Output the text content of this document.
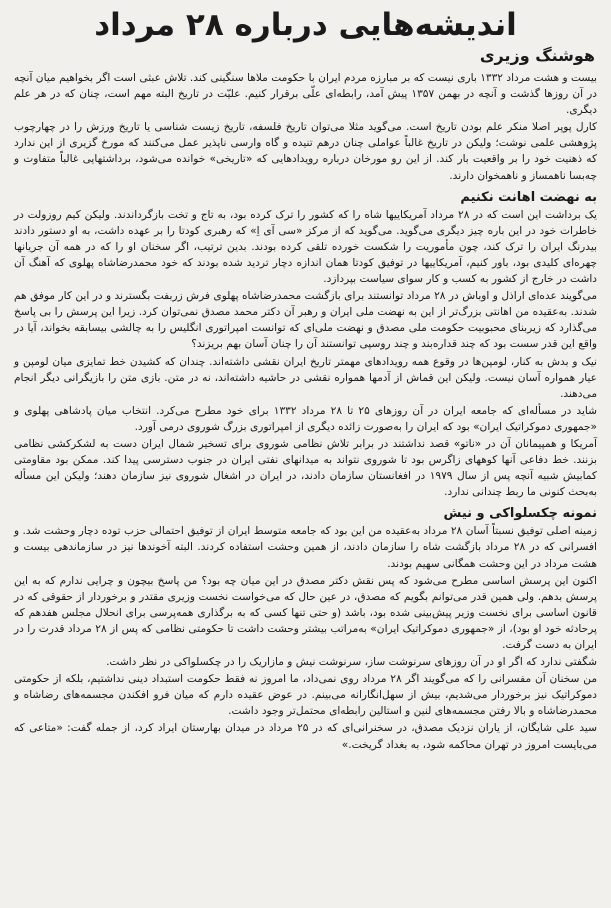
اندیشه‌هایی درباره ۲۸ مرداد
هوشنگ وزیری

بیست و هشت مرداد ۱۳۳۲ باری نیست که بر مبارزه مردم ایران با حکومت ملاها سنگینی کند. تلاش عبثی است اگر بخواهیم میان آنچه در آن روزها گذشت و آنچه در بهمن ۱۳۵۷ پیش آمد، رابطه‌ای علّی برقرار کنیم. علیّت در تاریخ البته مهم است، چنان که در هر علم دیگری.

کارل پوپر اصلا منکر علم بودن تاریخ است. می‌گوید مثلا می‌توان تاریخ فلسفه، تاریخ زیست شناسی یا تاریخ ورزش را در چهارچوب پژوهشی علمی نوشت؛ ولیکن در تاریخ غالباً عواملی چنان درهم تنیده و گاه وارسی ناپذیر عمل می‌کنند که مورخ گزیری از این ندارد که ذهنیت خود را بر واقعیت بار کند. از این رو مورخان درباره رویدادهایی که «تاریخی» خوانده می‌شود، برداشتهایی غالباً متفاوت و چه‌بسا ناهمساز و ناهمخوان دارند.

به نهضت اهانت نکنیم

یک برداشت این است که در ۲۸ مرداد آمریکاییها شاه را که کشور را ترک کرده بود، به تاج و تخت بازگرداندند. ولیکن کیم روزولت در خاطرات خود در این باره چیز دیگری می‌گوید. می‌گوید که از مرکز «سی آی اِ» که رهبری کودتا را بر عهده داشت، به او دستور دادند بیدرنگ ایران را ترک کند، چون مأموریت را شکست خورده تلقی کرده بودند. بدین ترتیب، اگر سخنان او را که در همه آن جریانها چهره‌ای کلیدی بود، باور کنیم، آمریکاییها در توفیق کودتا همان اندازه دچار تردید شده بودند که خود محمدرضاشاه پهلوی که آهنگ آن داشت در خارج از کشور به کسب و کار سوای سیاست بپردازد.

می‌گویند عده‌ای اراذل و اوباش در ۲۸ مرداد توانستند برای بازگشت محمدرضاشاه پهلوی فرش زربفت بگسترند و در این کار موفق هم شدند. به‌عقیده من اهانتی بزرگ‌تر از این به نهضت ملی ایران و رهبر آن دکتر محمد مصدق نمی‌توان کرد. زیرا این پرسش را بی پاسخ می‌گذارد که زیربنای محبوبیت حکومت ملی مصدق و نهضت ملی‌ای که توانست امپراتوری انگلیس را به چالشی بیسابقه بخواند، آیا در واقع این قدر سست بود که چند قداره‌بند و چند روسپی توانستند آن را چنان آسان بهم بریزند؟

نیک و بدش به کنار، لومپن‌ها در وقوع همه رویدادهای مهمتر تاریخ ایران نقشی داشته‌اند. چندان که کشیدن خط تمایزی میان لومپن و عیار همواره آسان نیست. ولیکن این قماش از آدمها همواره نقشی در حاشیه داشته‌اند، نه در متن. بازی متن را بازیگرانی دیگر انجام می‌دهند.

شاید در مسأله‌ای که جامعه ایران در آن روزهای ۲۵ تا ۲۸ مرداد ۱۳۳۲ برای خود مطرح می‌کرد. انتخاب میان پادشاهی پهلوی و «جمهوری دموکراتیک ایران» بود که ایران را به‌صورت زائده دیگری از امپراتوری بزرگ شوروی درمی آورد.

آمریکا و همپیمانان آن در «ناتو» قصد نداشتند در برابر تلاش نظامی شوروی برای تسخیر شمال ایران دست به لشکرکشی نظامی بزنند. خط دفاعی آنها کوههای زاگرس بود تا شوروی نتواند به میدانهای نفتی ایران در جنوب دسترسی پیدا کند. ممکن بود مقاومتی کمابیش شبیه آنچه پس از سال ۱۹۷۹ در افغانستان سازمان دادند، در ایران در اشغال شوروی نیز سازمان دهند؛ ولیکن این مسأله به‌بحث کنونی ما ربط چندانی ندارد.

نمونه چکسلواکی و نیش

زمینه اصلی توفیق نسبتاً آسان ۲۸ مرداد به‌عقیده من این بود که جامعه متوسط ایران از توفیق احتمالی حزب توده دچار وحشت شد. و افسرانی که در ۲۸ مرداد بازگشت شاه را سازمان دادند، از همین وحشت استفاده کردند. البته آخوندها نیز در سازماندهی بیست و هشت مرداد در این وحشت همگانی سهیم بودند.

اکنون این پرسش اساسی مطرح می‌شود که پس نقش دکتر مصدق در این میان چه بود؟ من پاسخ بیچون و چرایی ندارم که به این پرسش بدهم. ولی همین قدر می‌توانم بگویم که مصدق، در عین حال که می‌خواست نخست وزیری مقتدر و برخوردار از حقوقی که در قانون اساسی برای نخست وزیر پیش‌بینی شده بود، باشد (و حتی تنها کسی که به برگذاری همه‌پرسی برای انحلال مجلس هفدهم که پرحادثه خود او بود)، از «جمهوری دموکراتیک ایران» به‌مراتب بیشتر وحشت داشت تا حکومتی نظامی که پس از ۲۸ مرداد قدرت را در ایران به دست گرفت.

شگفتی ندارد که اگر او در آن روزهای سرنوشت ساز، سرنوشت نیش و مازاریک را در چکسلواکی در نظر داشت.

من سخنان آن مفسرانی را که می‌گویند اگر ۲۸ مرداد روی نمی‌داد، ما امروز نه فقط حکومت استبداد دینی نداشتیم، بلکه از حکومتی دموکراتیک نیز برخوردار می‌شدیم، بیش از سهل‌انگارانه می‌بینم. در عوض عقیده دارم که میان فرو افکندن مجسمه‌های رضاشاه و محمدرضاشاه و بالا رفتن مجسمه‌های لنین و استالین رابطه‌ای محتمل‌تر وجود داشت.

سید علی شایگان، از یاران نزدیک مصدق، در سخنرانی‌ای که در ۲۵ مرداد در میدان بهارستان ایراد کرد، از جمله گفت: «متاعی که می‌بایست امروز در تهران محاکمه شود، به بغداد گریخت.»
